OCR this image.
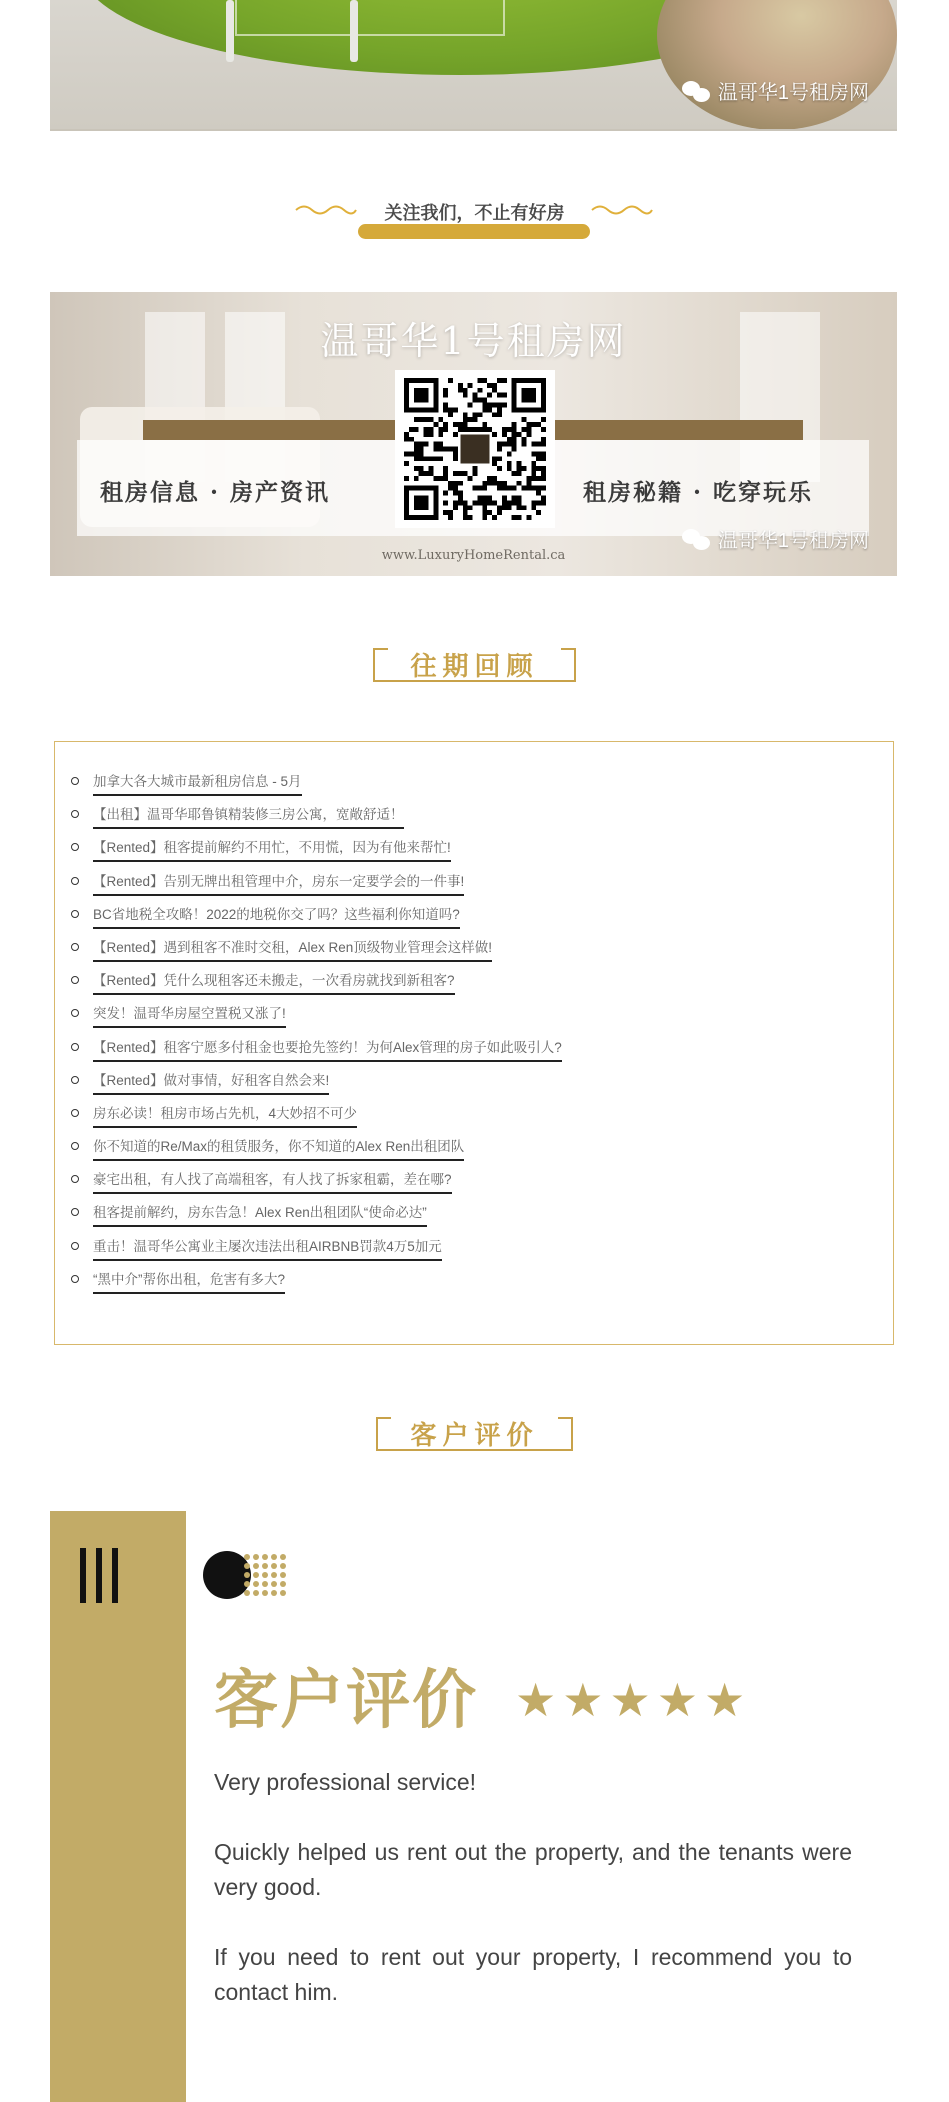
温哥华1号租房网
关注我们，不止有好房
温哥华1号租房网
租房信息 · 房产资讯	租房秘籍 · 吃穿玩乐
www.LuxuryHomeRental.ca
温哥华1号租房网
往期回顾
加拿大各大城市最新租房信息 - 5月
【出租】温哥华耶鲁镇精装修三房公寓，宽敞舒适！
【Rented】租客提前解约不用忙，不用慌，因为有他来帮忙!
【Rented】告别无牌出租管理中介，房东一定要学会的一件事!
BC省地税全攻略！2022的地税你交了吗？这些福利你知道吗?
【Rented】遇到租客不准时交租，Alex Ren顶级物业管理会这样做!
【Rented】凭什么现租客还未搬走，一次看房就找到新租客?
突发！温哥华房屋空置税又涨了!
【Rented】租客宁愿多付租金也要抢先签约！为何Alex管理的房子如此吸引人?
【Rented】做对事情，好租客自然会来!
房东必读！租房市场占先机，4大妙招不可少
你不知道的Re/Max的租赁服务，你不知道的Alex Ren出租团队
豪宅出租，有人找了高端租客，有人找了拆家租霸，差在哪?
租客提前解约，房东告急！Alex Ren出租团队“使命必达”
重击！温哥华公寓业主屡次违法出租AIRBNB罚款4万5加元
“黑中介”帮你出租，危害有多大?
客户评价
客户评价 ★ ★ ★ ★ ★

Very professional service!

Quickly helped us rent out the property, and the tenants were very good.

If you need to rent out your property, I recommend you to contact him.
